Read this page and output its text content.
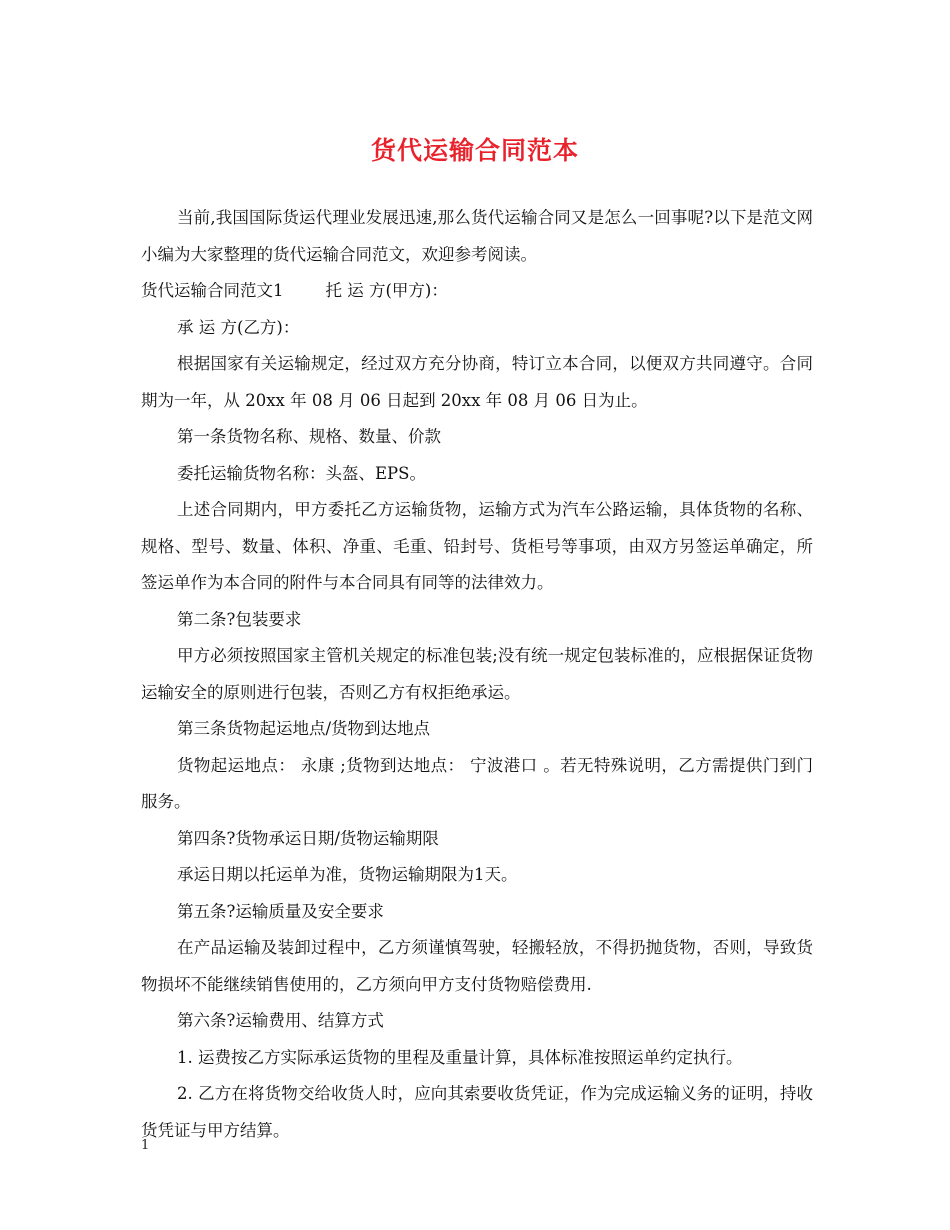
货代运输合同范本

当前,我国国际货运代理业发展迅速,那么货代运输合同又是怎么一回事呢?以下是范文网小编为大家整理的货代运输合同范文，欢迎参考阅读。

货代运输合同范文1	托 运 方(甲方)：

承 运 方(乙方)：

根据国家有关运输规定，经过双方充分协商，特订立本合同，以便双方共同遵守。合同期为一年，从 20xx 年 08 月 06 日起到 20xx 年 08 月 06 日为止。

第一条货物名称、规格、数量、价款

委托运输货物名称：头盔、EPS。

上述合同期内，甲方委托乙方运输货物，运输方式为汽车公路运输，具体货物的名称、规格、型号、数量、体积、净重、毛重、铅封号、货柜号等事项，由双方另签运单确定，所签运单作为本合同的附件与本合同具有同等的法律效力。

第二条?包装要求

甲方必须按照国家主管机关规定的标准包装;没有统一规定包装标准的，应根据保证货物运输安全的原则进行包装，否则乙方有权拒绝承运。

第三条货物起运地点/货物到达地点

货物起运地点： 永康 ;货物到达地点： 宁波港口 。若无特殊说明，乙方需提供门到门服务。

第四条?货物承运日期/货物运输期限

承运日期以托运单为准，货物运输期限为1天。

第五条?运输质量及安全要求

在产品运输及装卸过程中，乙方须谨慎驾驶，轻搬轻放，不得扔抛货物，否则，导致货物损坏不能继续销售使用的，乙方须向甲方支付货物赔偿费用.

第六条?运输费用、结算方式

1. 运费按乙方实际承运货物的里程及重量计算，具体标准按照运单约定执行。

2. 乙方在将货物交给收货人时，应向其索要收货凭证，作为完成运输义务的证明，持收货凭证与甲方结算。

1
